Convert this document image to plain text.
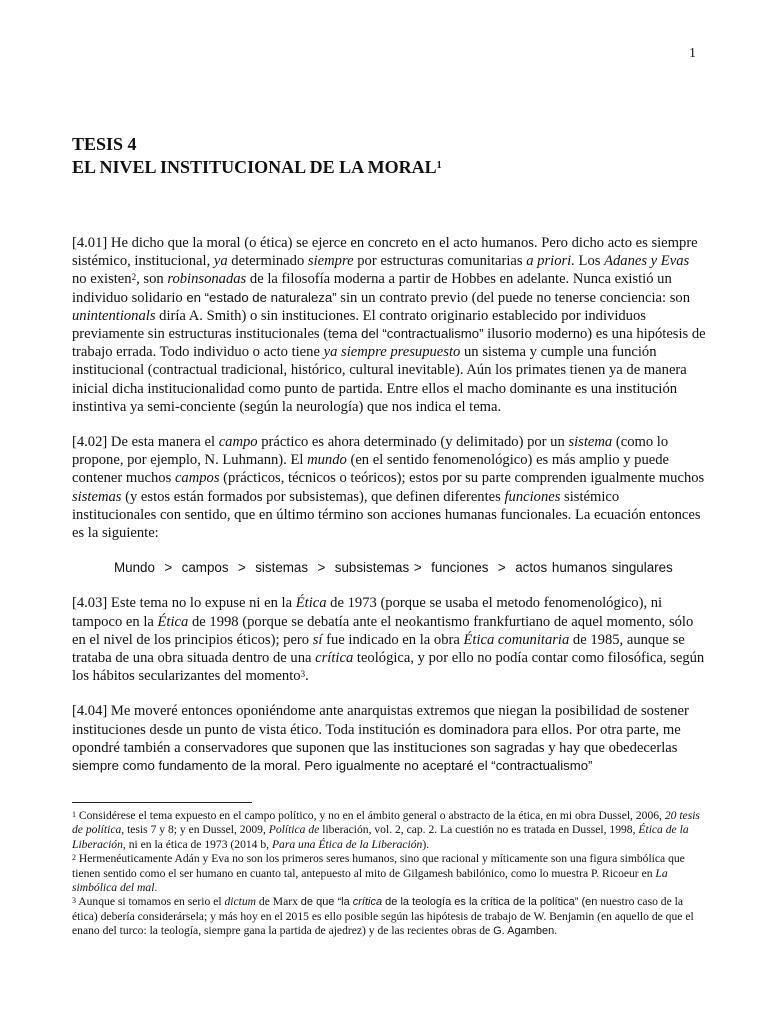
1
TESIS 4
EL NIVEL INSTITUCIONAL DE LA MORAL$^1$

[4.01] He dicho que la moral (o ética) se ejerce en concreto en el acto humanos. Pero dicho acto es siempre sistémico, institucional, ya determinado siempre por estructuras comunitarias a priori. Los Adanes y Evas no existen$^2$, son robinsonadas de la filosofía moderna a partir de Hobbes en adelante. Nunca existió un individuo solidario en “estado de naturaleza” sin un contrato previo (del puede no tenerse conciencia: son unintentionals diría A. Smith) o sin instituciones. El contrato originario establecido por individuos previamente sin estructuras institucionales (tema del “contractualismo” ilusorio moderno) es una hipótesis de trabajo errada. Todo individuo o acto tiene ya siempre presupuesto un sistema y cumple una función institucional (contractual tradicional, histórico, cultural inevitable). Aún los primates tienen ya de manera inicial dicha institucionalidad como punto de partida. Entre ellos el macho dominante es una institución instintiva ya semi-conciente (según la neurología) que nos indica el tema.

[4.02] De esta manera el campo práctico es ahora determinado (y delimitado) por un sistema (como lo propone, por ejemplo, N. Luhmann). El mundo (en el sentido fenomenológico) es más amplio y puede contener muchos campos (prácticos, técnicos o teóricos); estos por su parte comprenden igualmente muchos sistemas (y estos están formados por subsistemas), que definen diferentes funciones sistémico institucionales con sentido, que en último término son acciones humanas funcionales. La ecuación entonces es la siguiente:

Mundo  >  campos  >  sistemas  >  subsistemas >  funciones  >  actos humanos singulares

[4.03] Este tema no lo expuse ni en la Ética de 1973 (porque se usaba el metodo fenomenológico), ni tampoco en la Ética de 1998 (porque se debatía ante el neokantismo frankfurtiano de aquel momento, sólo en el nivel de los principios éticos); pero sí fue indicado en la obra Ética comunitaria de 1985, aunque se trataba de una obra situada dentro de una crítica teológica, y por ello no podía contar como filosófica, según los hábitos secularizantes del momento$^3$.

[4.04] Me moveré entonces oponiéndome ante anarquistas extremos que niegan la posibilidad de sostener instituciones desde un punto de vista ético. Toda institución es dominadora para ellos. Por otra parte, me opondré también a conservadores que suponen que las instituciones son sagradas y hay que obedecerlas siempre como fundamento de la moral. Pero igualmente no aceptaré el “contractualismo”

$^1$ Considérese el tema expuesto en el campo político, y no en el ámbito general o abstracto de la ética, en mi obra Dussel, 2006, 20 tesis de política, tesis 7 y 8; y en Dussel, 2009, Política de liberación, vol. 2, cap. 2. La cuestión no es tratada en Dussel, 1998, Ética de la Liberación, ni en la ética de 1973 (2014 b, Para una Ética de la Liberación).

$^2$ Hermenéuticamente Adán y Eva no son los primeros seres humanos, sino que racional y míticamente son una figura simbólica que tienen sentido como el ser humano en cuanto tal, antepuesto al mito de Gilgamesh babilónico, como lo muestra P. Ricoeur en La simbólica del mal.

$^3$ Aunque si tomamos en serio el dictum de Marx de que “la crítica de la teología es la crítica de la política” (en nuestro caso de la ética) debería considerársela; y más hoy en el 2015 es ello posible según las hipótesis de trabajo de W. Benjamin (en aquello de que el enano del turco: la teología, siempre gana la partida de ajedrez) y de las recientes obras de G. Agamben.
